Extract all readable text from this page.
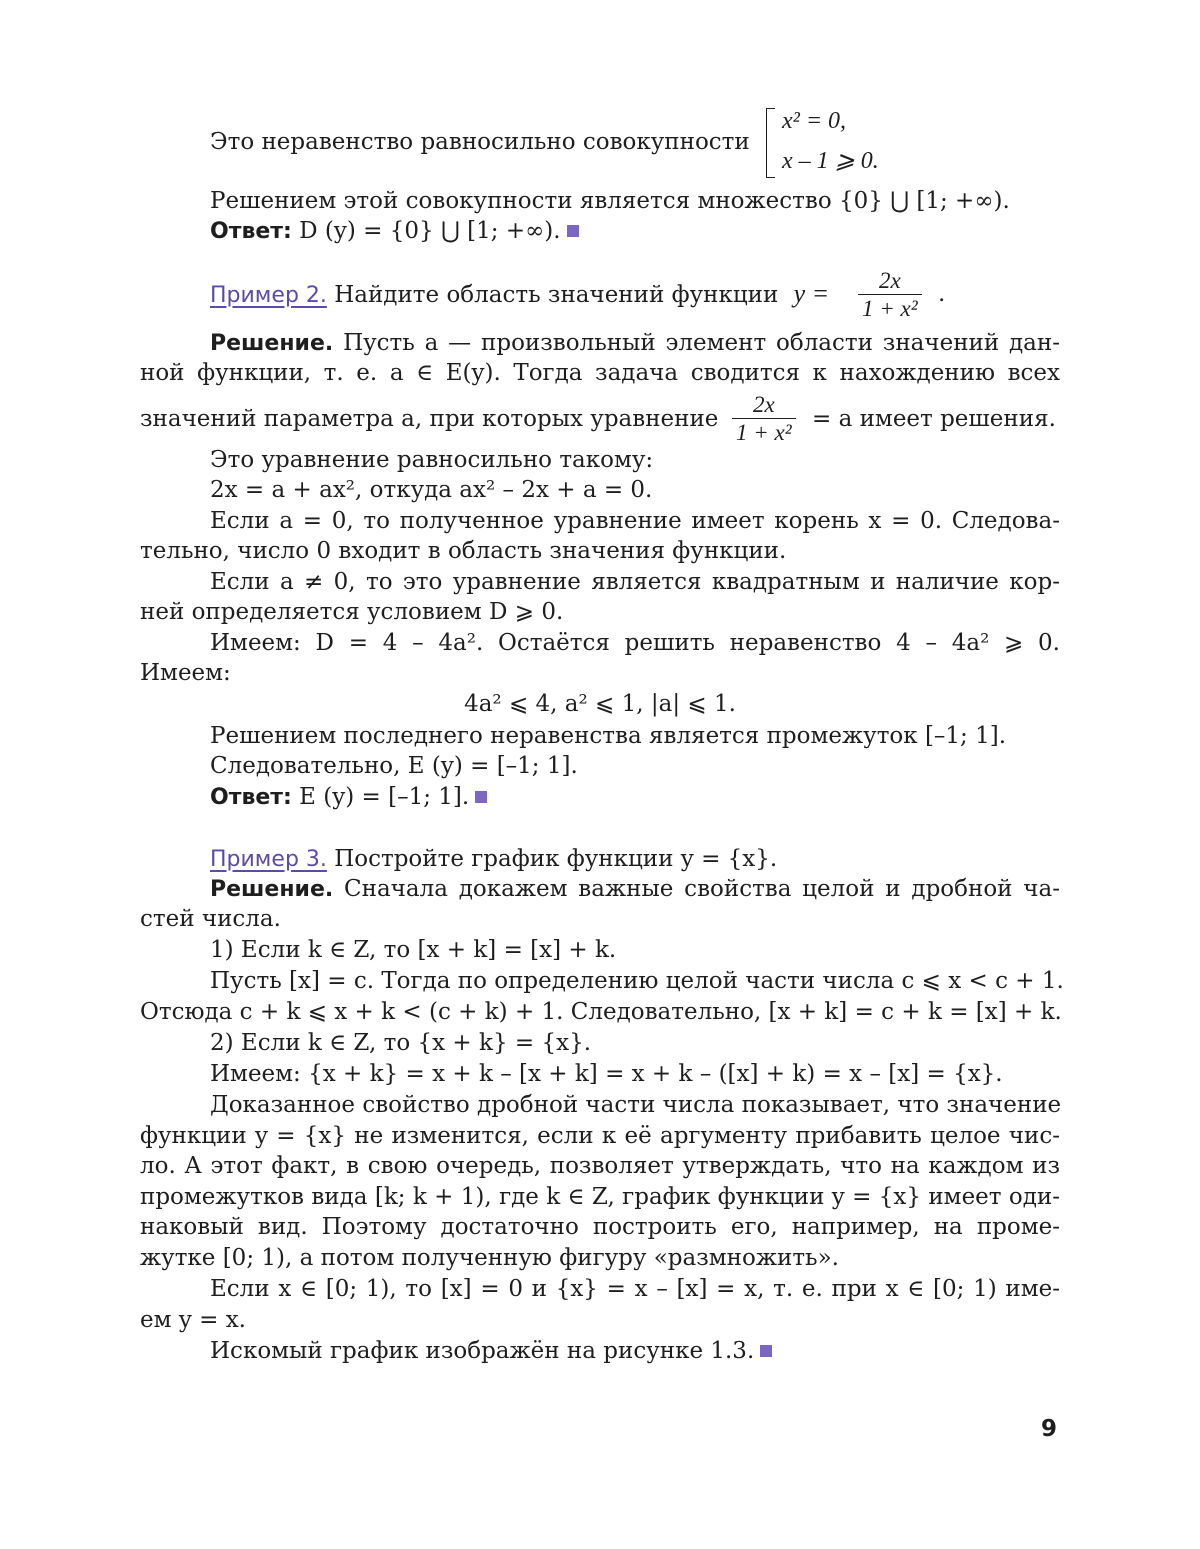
Это неравенство равносильно совокупности
x² = 0,
x – 1 ⩾ 0.
Решением этой совокупности является множество {0} ⋃ [1; +∞).
Ответ: D (y) = {0} ⋃ [1; +∞).
Пример 2. Найдите область значений функции $y = \frac{2x}{\text{1 + x²}}$ .
Решение. Пусть a — произвольный элемент области значений дан-
ной функции, т. е. a ∈ E(y). Тогда задача сводится к нахождению всех
значений параметра a, при которых уравнение $\frac{2x}{\text{1 + x²}} = a$ имеет решения.
Это уравнение равносильно такому:
2x = a + ax², откуда ax² – 2x + a = 0.
Если a = 0, то полученное уравнение имеет корень x = 0. Следова-
тельно, число 0 входит в область значения функции.
Если a ≠ 0, то это уравнение является квадратным и наличие кор-
ней определяется условием D ⩾ 0.
Имеем: D = 4 – 4a². Остаётся решить неравенство 4 – 4a² ⩾ 0.
Имеем:
4a² ⩽ 4, a² ⩽ 1, |a| ⩽ 1.
Решением последнего неравенства является промежуток [–1; 1].
Следовательно, E (y) = [–1; 1].
Ответ: E (y) = [–1; 1].
Пример 3. Постройте график функции y = {x}.
Решение. Сначала докажем важные свойства целой и дробной ча-
стей числа.
1) Если k ∈ Z, то [x + k] = [x] + k.
Пусть [x] = c. Тогда по определению целой части числа c ⩽ x < c + 1.
Отсюда c + k ⩽ x + k < (c + k) + 1. Следовательно, [x + k] = c + k = [x] + k.
2) Если k ∈ Z, то {x + k} = {x}.
Имеем: {x + k} = x + k – [x + k] = x + k – ([x] + k) = x – [x] = {x}.
Доказанное свойство дробной части числа показывает, что значение
функции y = {x} не изменится, если к её аргументу прибавить целое чис-
ло. А этот факт, в свою очередь, позволяет утверждать, что на каждом из
промежутков вида [k; k + 1), где k ∈ Z, график функции y = {x} имеет оди-
наковый вид. Поэтому достаточно построить его, например, на проме-
жутке [0; 1), а потом полученную фигуру «размножить».
Если x ∈ [0; 1), то [x] = 0 и {x} = x – [x] = x, т. е. при x ∈ [0; 1) име-
ем y = x.
Искомый график изображён на рисунке 1.3.
9
